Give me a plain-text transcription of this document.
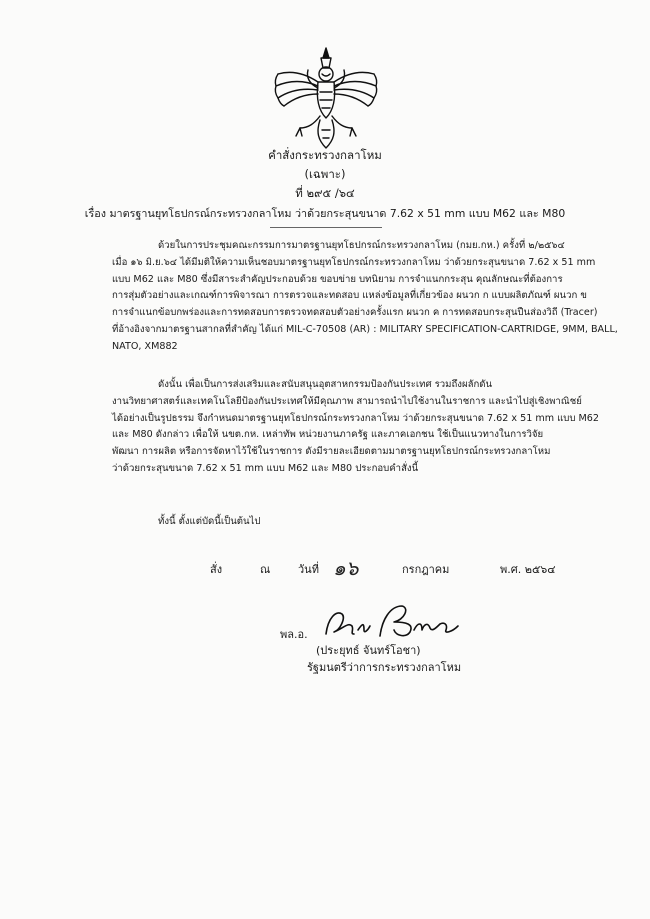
คำสั่งกระทรวงกลาโหม
(เฉพาะ)
ที่ ๒๙๕ /๖๔
เรื่อง มาตรฐานยุทโธปกรณ์กระทรวงกลาโหม ว่าด้วยกระสุนขนาด 7.62 x 51 mm แบบ M62 และ M80
ด้วยในการประชุมคณะกรรมการมาตรฐานยุทโธปกรณ์กระทรวงกลาโหม (กมย.กห.) ครั้งที่ ๒/๒๕๖๔
เมื่อ ๑๖ มิ.ย.๖๔ ได้มีมติให้ความเห็นชอบมาตรฐานยุทโธปกรณ์กระทรวงกลาโหม ว่าด้วยกระสุนขนาด 7.62 x 51 mm
แบบ M62 และ M80 ซึ่งมีสาระสำคัญประกอบด้วย ขอบข่าย บทนิยาม การจำแนกกระสุน คุณลักษณะที่ต้องการ
การสุ่มตัวอย่างและเกณฑ์การพิจารณา การตรวจและทดสอบ แหล่งข้อมูลที่เกี่ยวข้อง ผนวก ก แบบผลิตภัณฑ์ ผนวก ข
การจำแนกข้อบกพร่องและการทดสอบการตรวจทดสอบตัวอย่างครั้งแรก ผนวก ค การทดสอบกระสุนปืนส่องวิถี (Tracer)
ที่อ้างอิงจากมาตรฐานสากลที่สำคัญ ได้แก่ MIL-C-70508 (AR) : MILITARY SPECIFICATION-CARTRIDGE, 9MM, BALL,
NATO, XM882
ดังนั้น เพื่อเป็นการส่งเสริมและสนับสนุนอุตสาหกรรมป้องกันประเทศ รวมถึงผลักดัน
งานวิทยาศาสตร์และเทคโนโลยีป้องกันประเทศให้มีคุณภาพ สามารถนำไปใช้งานในราชการ และนำไปสู่เชิงพาณิชย์
ได้อย่างเป็นรูปธรรม จึงกำหนดมาตรฐานยุทโธปกรณ์กระทรวงกลาโหม ว่าด้วยกระสุนขนาด 7.62 x 51 mm แบบ M62
และ M80 ดังกล่าว เพื่อให้ นขต.กห. เหล่าทัพ หน่วยงานภาครัฐ และภาคเอกชน ใช้เป็นแนวทางในการวิจัย
พัฒนา การผลิต หรือการจัดหาไว้ใช้ในราชการ ดังมีรายละเอียดตามมาตรฐานยุทโธปกรณ์กระทรวงกลาโหม
ว่าด้วยกระสุนขนาด 7.62 x 51 mm แบบ M62 และ M80 ประกอบคำสั่งนี้
ทั้งนี้ ตั้งแต่บัดนี้เป็นต้นไป
สั่ง	ณ	วันที่	กรกฎาคม	พ.ศ. ๒๕๖๔
๑๖
พล.อ.
(ประยุทธ์ จันทร์โอชา)
รัฐมนตรีว่าการกระทรวงกลาโหม
